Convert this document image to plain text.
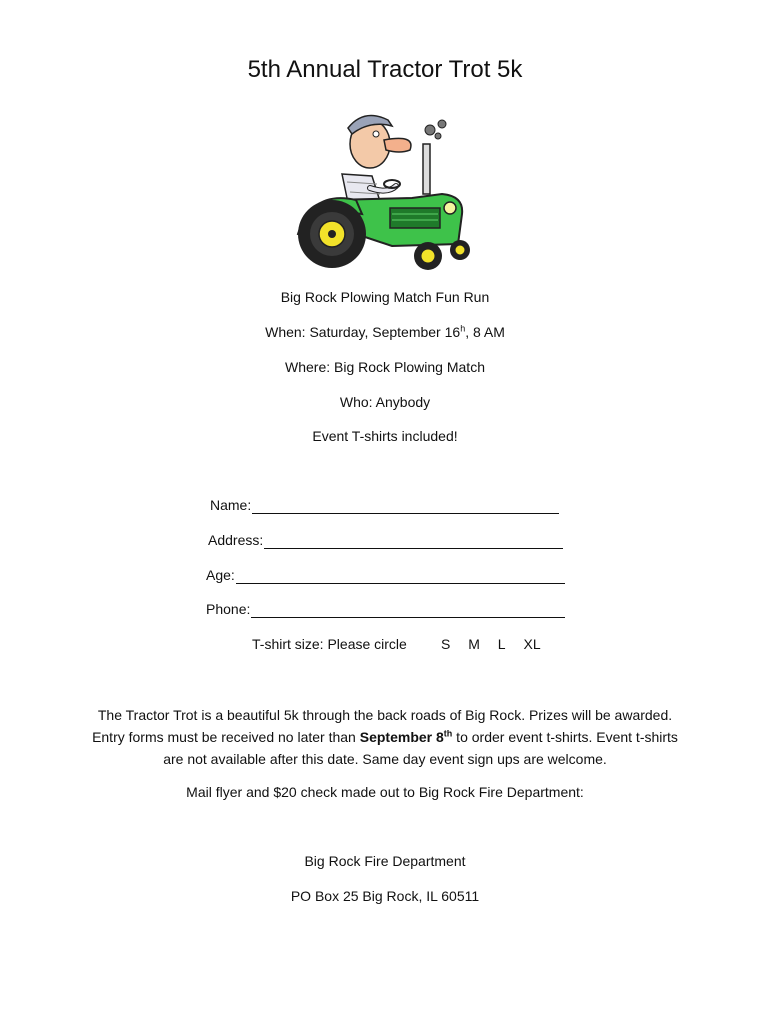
5th Annual Tractor Trot 5k
Big Rock Plowing Match Fun Run
When: Saturday, September 16$^h$, 8 AM
Where: Big Rock Plowing Match
Who: Anybody
Event T-shirts included!
Name:
Address:
Age:
Phone:
T-shirt size: Please circle S M L XL
The Tractor Trot is a beautiful 5k through the back roads of Big Rock. Prizes will be awarded.
Entry forms must be received no later than September 8th to order event t-shirts. Event t-shirts
are not available after this date. Same day event sign ups are welcome.
Mail flyer and $20 check made out to Big Rock Fire Department:
Big Rock Fire Department
PO Box 25 Big Rock, IL 60511
